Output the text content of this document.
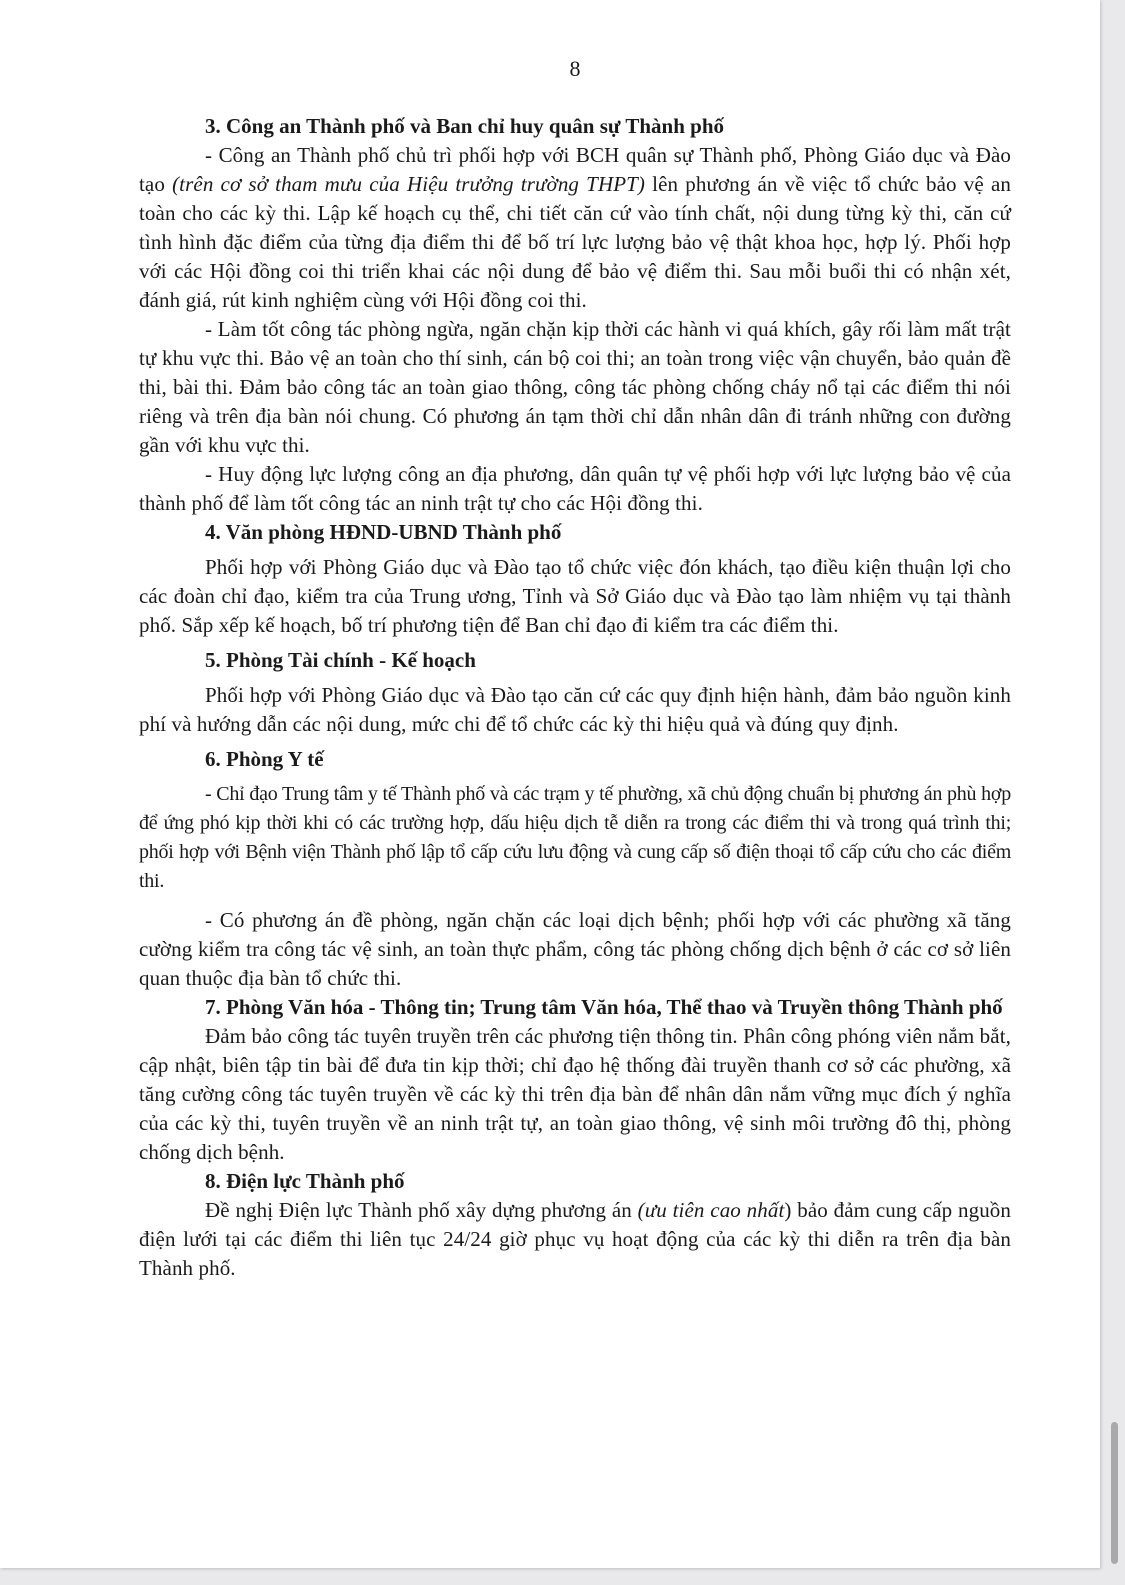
8

3. Công an Thành phố và Ban chỉ huy quân sự Thành phố

- Công an Thành phố chủ trì phối hợp với BCH quân sự Thành phố, Phòng Giáo dục và Đào tạo (trên cơ sở tham mưu của Hiệu trưởng trường THPT) lên phương án về việc tổ chức bảo vệ an toàn cho các kỳ thi. Lập kế hoạch cụ thể, chi tiết căn cứ vào tính chất, nội dung từng kỳ thi, căn cứ tình hình đặc điểm của từng địa điểm thi để bố trí lực lượng bảo vệ thật khoa học, hợp lý. Phối hợp với các Hội đồng coi thi triển khai các nội dung để bảo vệ điểm thi. Sau mỗi buổi thi có nhận xét, đánh giá, rút kinh nghiệm cùng với Hội đồng coi thi.

- Làm tốt công tác phòng ngừa, ngăn chặn kịp thời các hành vi quá khích, gây rối làm mất trật tự khu vực thi. Bảo vệ an toàn cho thí sinh, cán bộ coi thi; an toàn trong việc vận chuyển, bảo quản đề thi, bài thi. Đảm bảo công tác an toàn giao thông, công tác phòng chống cháy nổ tại các điểm thi nói riêng và trên địa bàn nói chung. Có phương án tạm thời chỉ dẫn nhân dân đi tránh những con đường gần với khu vực thi.

- Huy động lực lượng công an địa phương, dân quân tự vệ phối hợp với lực lượng bảo vệ của thành phố để làm tốt công tác an ninh trật tự cho các Hội đồng thi.

4. Văn phòng HĐND-UBND Thành phố

Phối hợp với Phòng Giáo dục và Đào tạo tổ chức việc đón khách, tạo điều kiện thuận lợi cho các đoàn chỉ đạo, kiểm tra của Trung ương, Tỉnh và Sở Giáo dục và Đào tạo làm nhiệm vụ tại thành phố. Sắp xếp kế hoạch, bố trí phương tiện để Ban chỉ đạo đi kiểm tra các điểm thi.

5. Phòng Tài chính - Kế hoạch

Phối hợp với Phòng Giáo dục và Đào tạo căn cứ các quy định hiện hành, đảm bảo nguồn kinh phí và hướng dẫn các nội dung, mức chi để tổ chức các kỳ thi hiệu quả và đúng quy định.

6. Phòng Y tế

- Chỉ đạo Trung tâm y tế Thành phố và các trạm y tế phường, xã chủ động chuẩn bị phương án phù hợp để ứng phó kịp thời khi có các trường hợp, dấu hiệu dịch tễ diễn ra trong các điểm thi và trong quá trình thi; phối hợp với Bệnh viện Thành phố lập tổ cấp cứu lưu động và cung cấp số điện thoại tổ cấp cứu cho các điểm thi.

- Có phương án đề phòng, ngăn chặn các loại dịch bệnh; phối hợp với các phường xã tăng cường kiểm tra công tác vệ sinh, an toàn thực phẩm, công tác phòng chống dịch bệnh ở các cơ sở liên quan thuộc địa bàn tổ chức thi.

7. Phòng Văn hóa - Thông tin; Trung tâm Văn hóa, Thể thao và Truyền thông Thành phố

Đảm bảo công tác tuyên truyền trên các phương tiện thông tin. Phân công phóng viên nắm bắt, cập nhật, biên tập tin bài để đưa tin kịp thời; chỉ đạo hệ thống đài truyền thanh cơ sở các phường, xã tăng cường công tác tuyên truyền về các kỳ thi trên địa bàn để nhân dân nắm vững mục đích ý nghĩa của các kỳ thi, tuyên truyền về an ninh trật tự, an toàn giao thông, vệ sinh môi trường đô thị, phòng chống dịch bệnh.

8. Điện lực Thành phố

Đề nghị Điện lực Thành phố xây dựng phương án (ưu tiên cao nhất) bảo đảm cung cấp nguồn điện lưới tại các điểm thi liên tục 24/24 giờ phục vụ hoạt động của các kỳ thi diễn ra trên địa bàn Thành phố.
